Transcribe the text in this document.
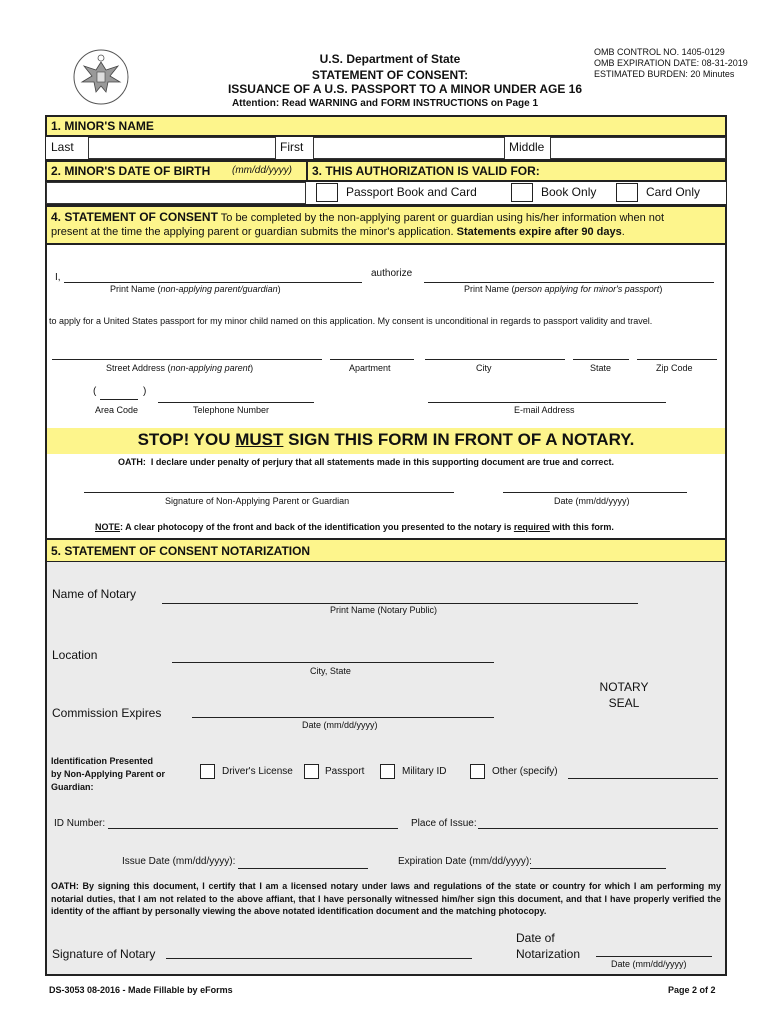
U.S. Department of State
STATEMENT OF CONSENT:
ISSUANCE OF A U.S. PASSPORT TO A MINOR UNDER AGE 16
Attention: Read WARNING and FORM INSTRUCTIONS on Page 1
OMB CONTROL NO. 1405-0129
OMB EXPIRATION DATE: 08-31-2019
ESTIMATED BURDEN: 20 Minutes
1. MINOR'S NAME
Last	First	Middle
2. MINOR'S DATE OF BIRTH (mm/dd/yyyy) 3. THIS AUTHORIZATION IS VALID FOR:
Passport Book and Card	Book Only	Card Only
4. STATEMENT OF CONSENT To be completed by the non-applying parent or guardian using his/her information when not
present at the time the applying parent or guardian submits the minor's application. Statements expire after 90 days.
I,	authorize
Print Name (non-applying parent/guardian)	Print Name (person applying for minor's passport)
to apply for a United States passport for my minor child named on this application. My consent is unconditional in regards to passport validity and travel.
Street Address (non-applying parent)	Apartment	City	State	Zip Code
(	)
Area Code	Telephone Number	E-mail Address
STOP! YOU MUST SIGN THIS FORM IN FRONT OF A NOTARY.
OATH: I declare under penalty of perjury that all statements made in this supporting document are true and correct.
Signature of Non-Applying Parent or Guardian	Date (mm/dd/yyyy)
NOTE: A clear photocopy of the front and back of the identification you presented to the notary is required with this form.
5. STATEMENT OF CONSENT NOTARIZATION
Name of Notary
Print Name (Notary Public)
Location
City, State
NOTARY
SEAL
Commission Expires
Date (mm/dd/yyyy)
Identification Presented
by Non-Applying Parent or
Guardian:
Driver's License	Passport	Military ID	Other (specify)
ID Number:	Place of Issue:
Issue Date (mm/dd/yyyy):	Expiration Date (mm/dd/yyyy):
OATH: By signing this document, I certify that I am a licensed notary under laws and regulations of the state or country for which I am performing my notarial duties, that I am not related to the above affiant, that I have personally witnessed him/her sign this document, and that I have properly verified the identity of the affiant by personally viewing the above notated identification document and the matching photocopy.
Signature of Notary
Date of
Notarization
Date (mm/dd/yyyy)
DS-3053 08-2016 - Made Fillable by eForms	Page 2 of 2
